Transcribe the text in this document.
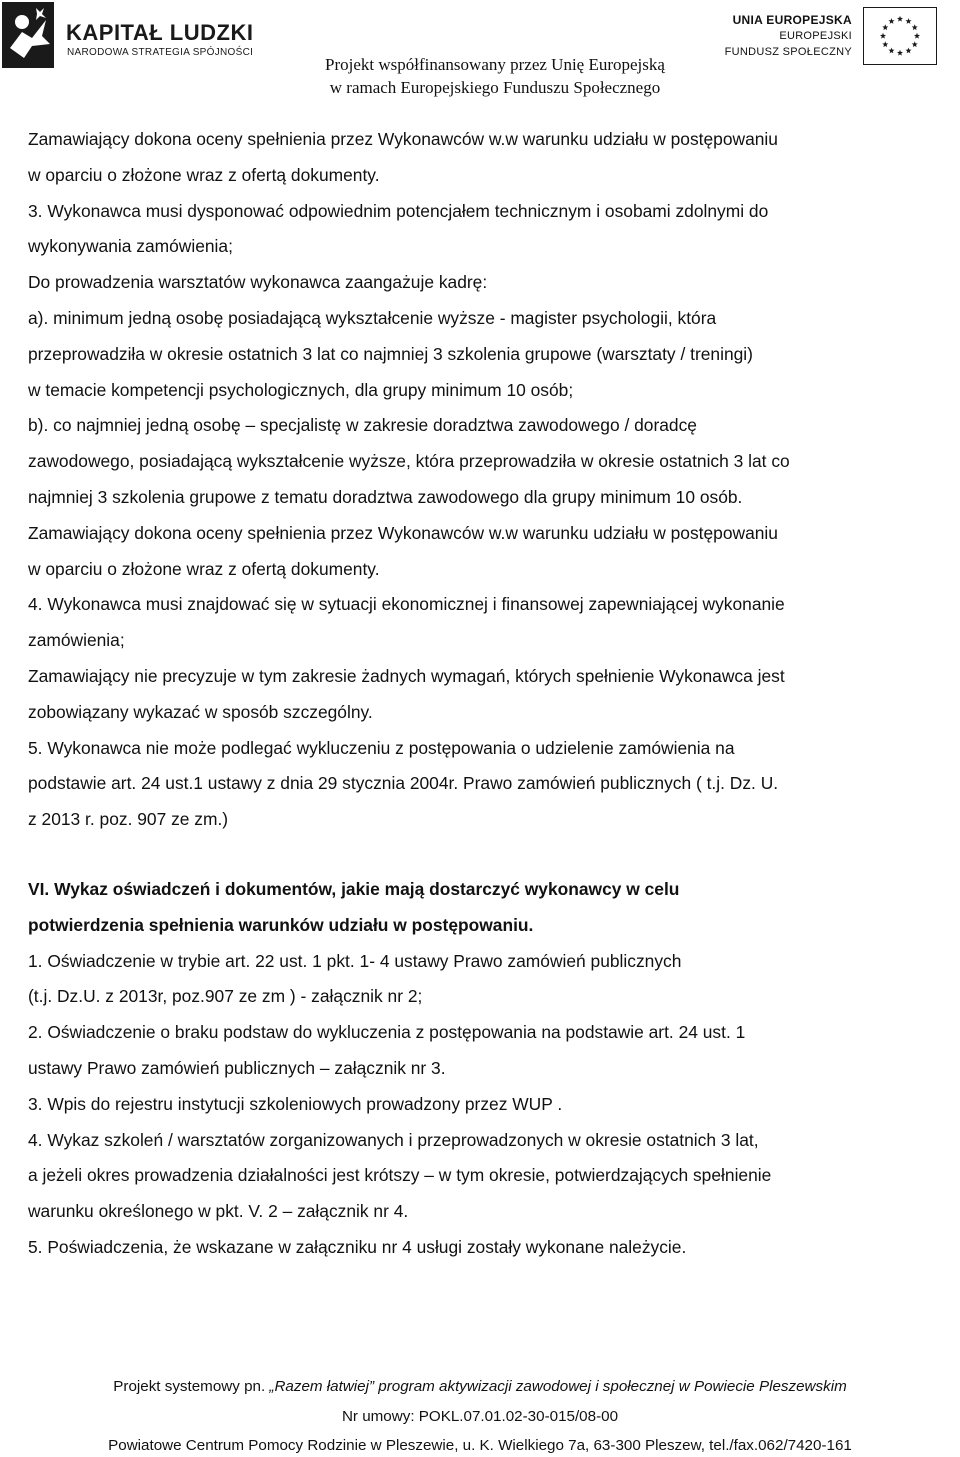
KAPITAŁ LUDZKI
NARODOWA STRATEGIA SPÓJNOŚCI
UNIA EUROPEJSKA
EUROPEJSKI
FUNDUSZ SPOŁECZNY
Projekt współfinansowany przez Unię Europejską
w ramach Europejskiego Funduszu Społecznego

Zamawiający dokona oceny spełnienia przez Wykonawców w.w warunku udziału w postępowaniu

w oparciu o złożone wraz z ofertą dokumenty.

3. Wykonawca musi dysponować odpowiednim potencjałem technicznym i osobami zdolnymi do

wykonywania zamówienia;

Do prowadzenia warsztatów wykonawca zaangażuje kadrę:

a). minimum jedną osobę posiadającą wykształcenie wyższe - magister psychologii, która

przeprowadziła w okresie ostatnich 3 lat co najmniej 3 szkolenia grupowe (warsztaty / treningi)

w temacie kompetencji psychologicznych, dla grupy minimum 10 osób;

b). co najmniej jedną osobę – specjalistę w zakresie doradztwa zawodowego / doradcę

zawodowego, posiadającą wykształcenie wyższe, która przeprowadziła w okresie ostatnich 3 lat co

najmniej 3 szkolenia grupowe z tematu doradztwa zawodowego dla grupy minimum 10 osób.

Zamawiający dokona oceny spełnienia przez Wykonawców w.w warunku udziału w postępowaniu

w oparciu o złożone wraz z ofertą dokumenty.

4. Wykonawca musi znajdować się w sytuacji ekonomicznej i finansowej zapewniającej wykonanie

zamówienia;

Zamawiający nie precyzuje w tym zakresie żadnych wymagań, których spełnienie Wykonawca jest

zobowiązany wykazać w sposób szczególny.

5. Wykonawca nie może podlegać wykluczeniu z postępowania o udzielenie zamówienia na

podstawie art. 24 ust.1 ustawy z dnia 29 stycznia 2004r. Prawo zamówień publicznych ( t.j. Dz. U.

z 2013 r. poz. 907 ze zm.)

VI. Wykaz oświadczeń i dokumentów, jakie mają dostarczyć wykonawcy w celu

potwierdzenia spełnienia warunków udziału w postępowaniu.

1. Oświadczenie w trybie art. 22 ust. 1 pkt. 1- 4 ustawy Prawo zamówień publicznych

(t.j. Dz.U. z 2013r, poz.907 ze zm ) - załącznik nr 2;

2. Oświadczenie o braku podstaw do wykluczenia z postępowania na podstawie art. 24 ust. 1

ustawy Prawo zamówień publicznych – załącznik nr 3.

3. Wpis do rejestru instytucji szkoleniowych prowadzony przez WUP .

4. Wykaz szkoleń / warsztatów zorganizowanych i przeprowadzonych w okresie ostatnich 3 lat,

a jeżeli okres prowadzenia działalności jest krótszy – w tym okresie, potwierdzających spełnienie

warunku określonego w pkt. V. 2 – załącznik nr 4.

5. Poświadczenia, że wskazane w załączniku nr 4 usługi zostały wykonane należycie.

Projekt systemowy pn. „Razem łatwiej” program aktywizacji zawodowej i społecznej w Powiecie Pleszewskim
Nr umowy: POKL.07.01.02-30-015/08-00
Powiatowe Centrum Pomocy Rodzinie w Pleszewie, u. K. Wielkiego 7a, 63-300 Pleszew, tel./fax.062/7420-161
